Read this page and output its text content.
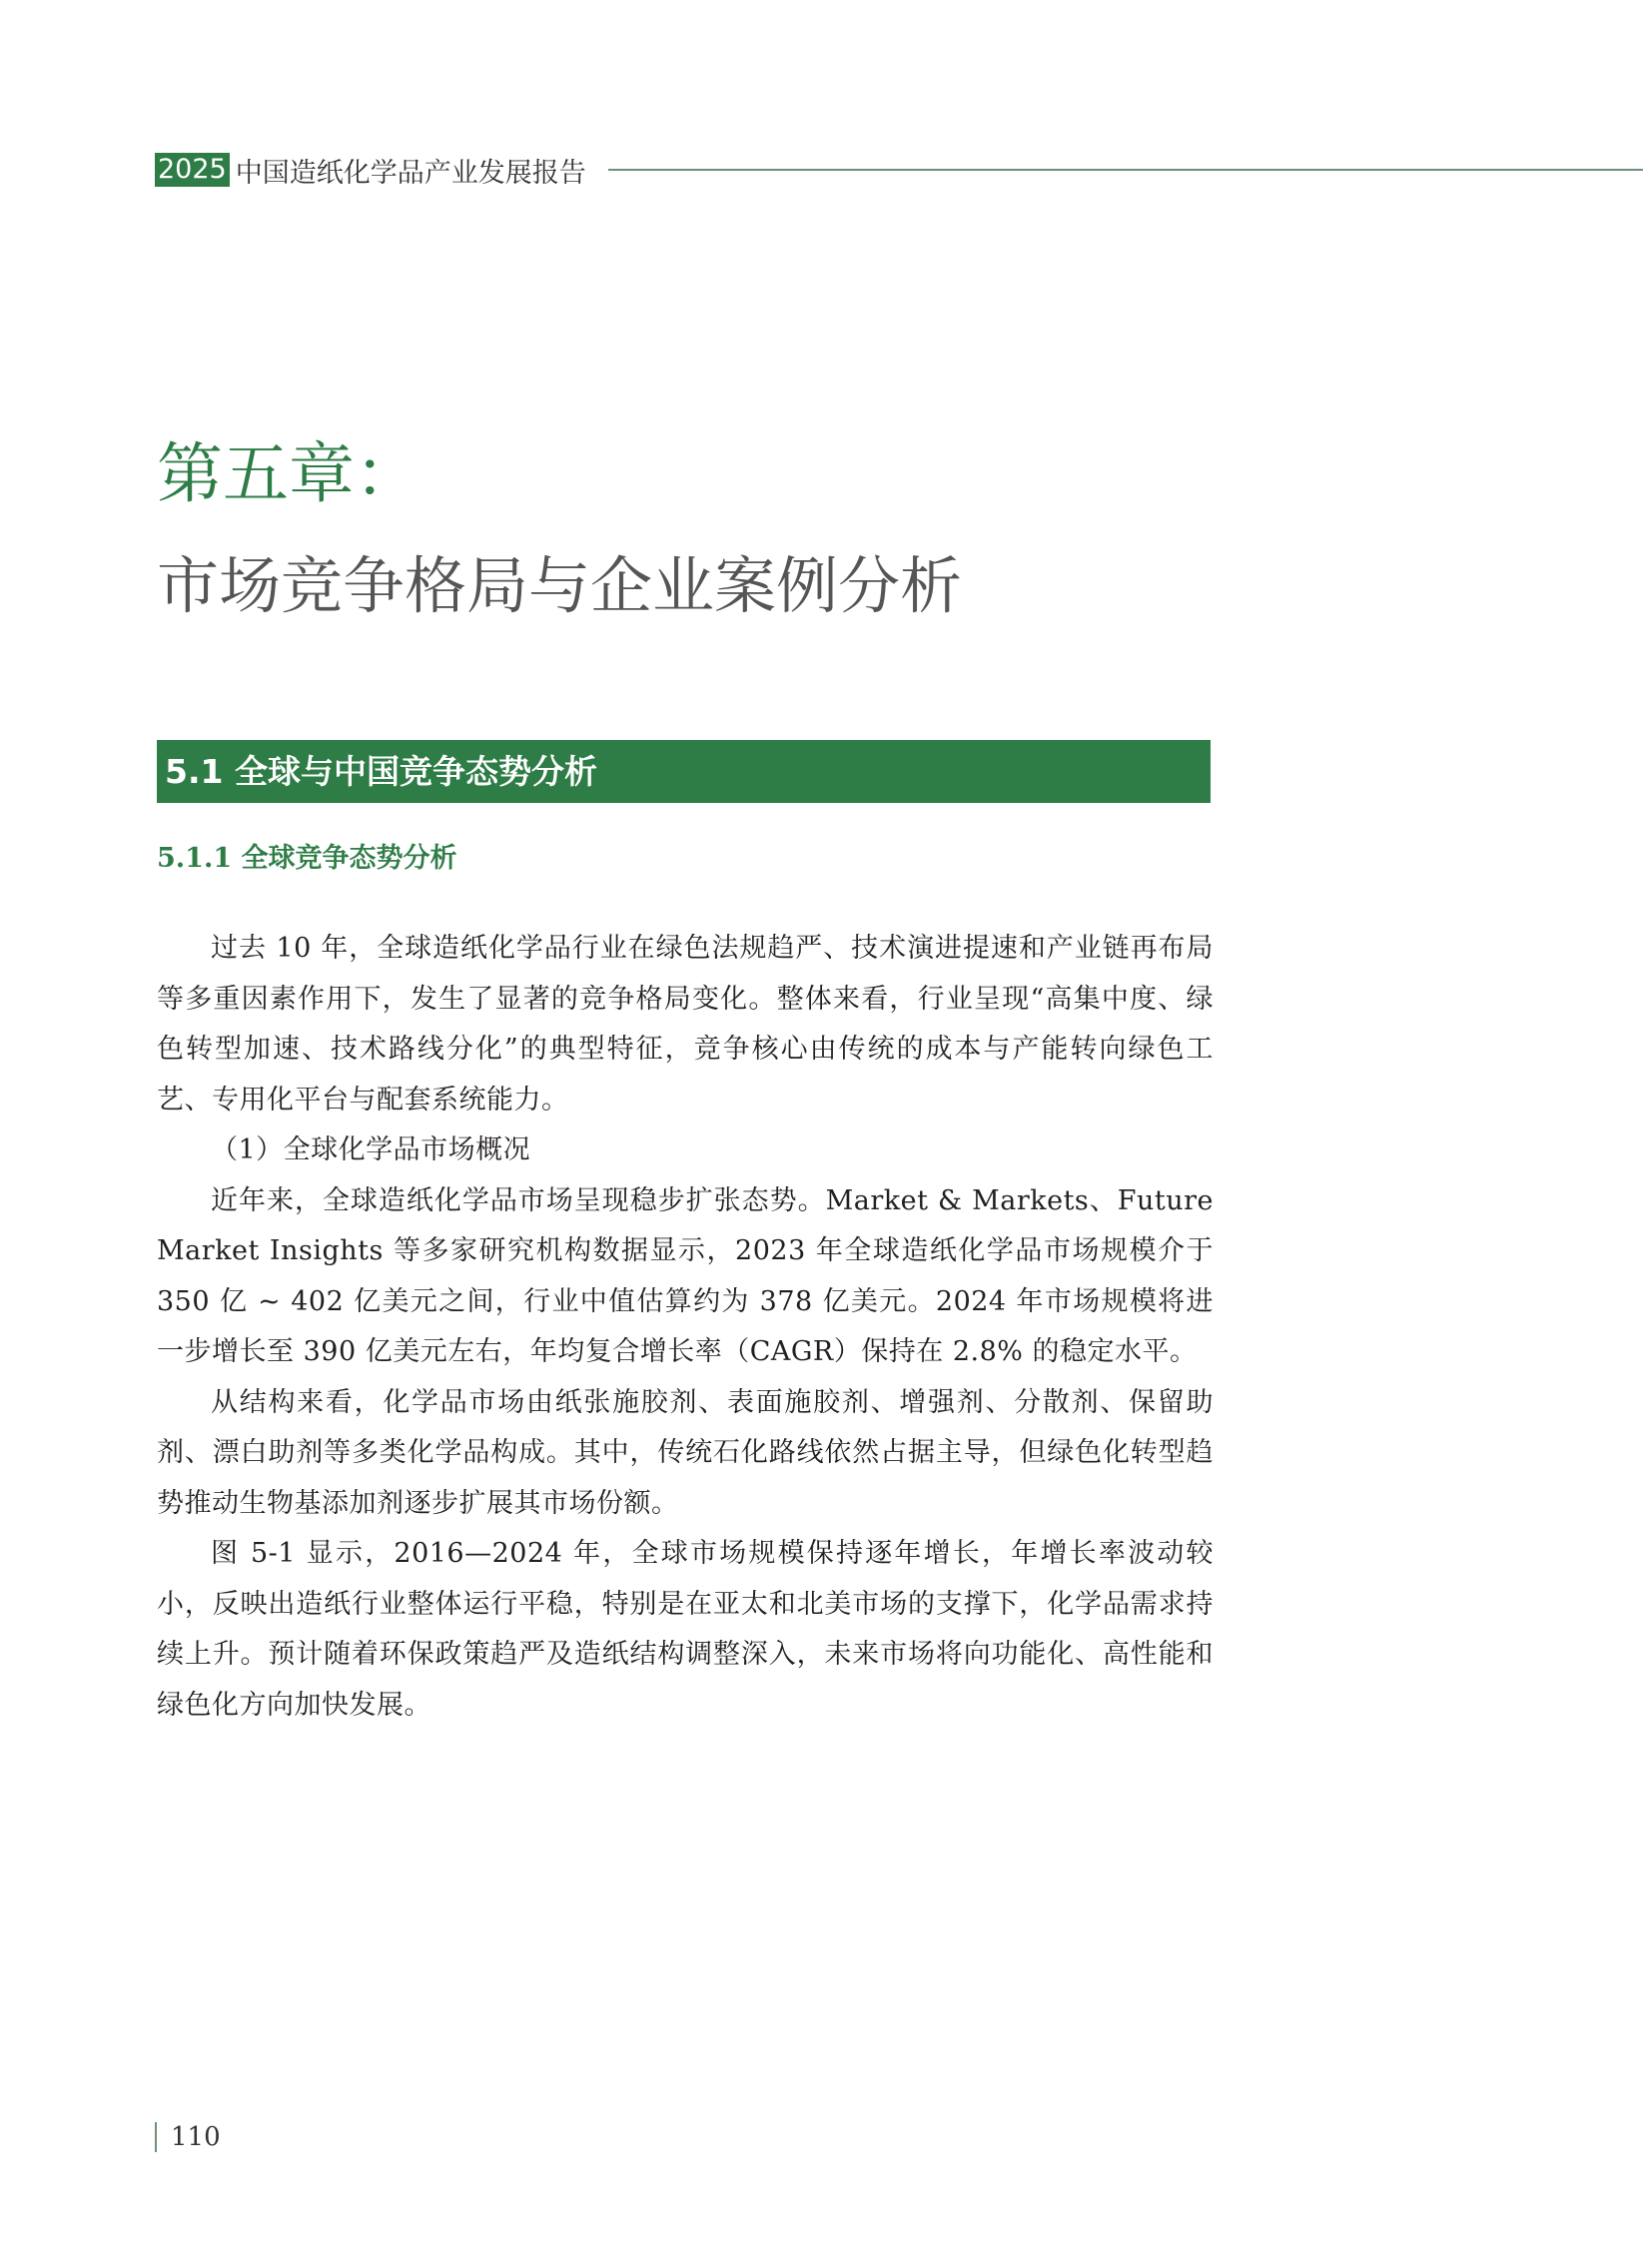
2025 中国造纸化学品产业发展报告
第五章：
市场竞争格局与企业案例分析
5.1 全球与中国竞争态势分析
5.1.1 全球竞争态势分析

过去 10 年，全球造纸化学品行业在绿色法规趋严、技术演进提速和产业链再布局等多重因素作用下，发生了显著的竞争格局变化。整体来看，行业呈现“高集中度、绿色转型加速、技术路线分化”的典型特征，竞争核心由传统的成本与产能转向绿色工艺、专用化平台与配套系统能力。

（1）全球化学品市场概况

近年来，全球造纸化学品市场呈现稳步扩张态势。Market & Markets、Future Market Insights 等多家研究机构数据显示，2023 年全球造纸化学品市场规模介于 350 亿 ~ 402 亿美元之间，行业中值估算约为 378 亿美元。2024 年市场规模将进一步增长至 390 亿美元左右，年均复合增长率（CAGR）保持在 2.8% 的稳定水平。

从结构来看，化学品市场由纸张施胶剂、表面施胶剂、增强剂、分散剂、保留助剂、漂白助剂等多类化学品构成。其中，传统石化路线依然占据主导，但绿色化转型趋势推动生物基添加剂逐步扩展其市场份额。

图 5-1 显示，2016—2024 年，全球市场规模保持逐年增长，年增长率波动较小，反映出造纸行业整体运行平稳，特别是在亚太和北美市场的支撑下，化学品需求持续上升。预计随着环保政策趋严及造纸结构调整深入，未来市场将向功能化、高性能和绿色化方向加快发展。

110
